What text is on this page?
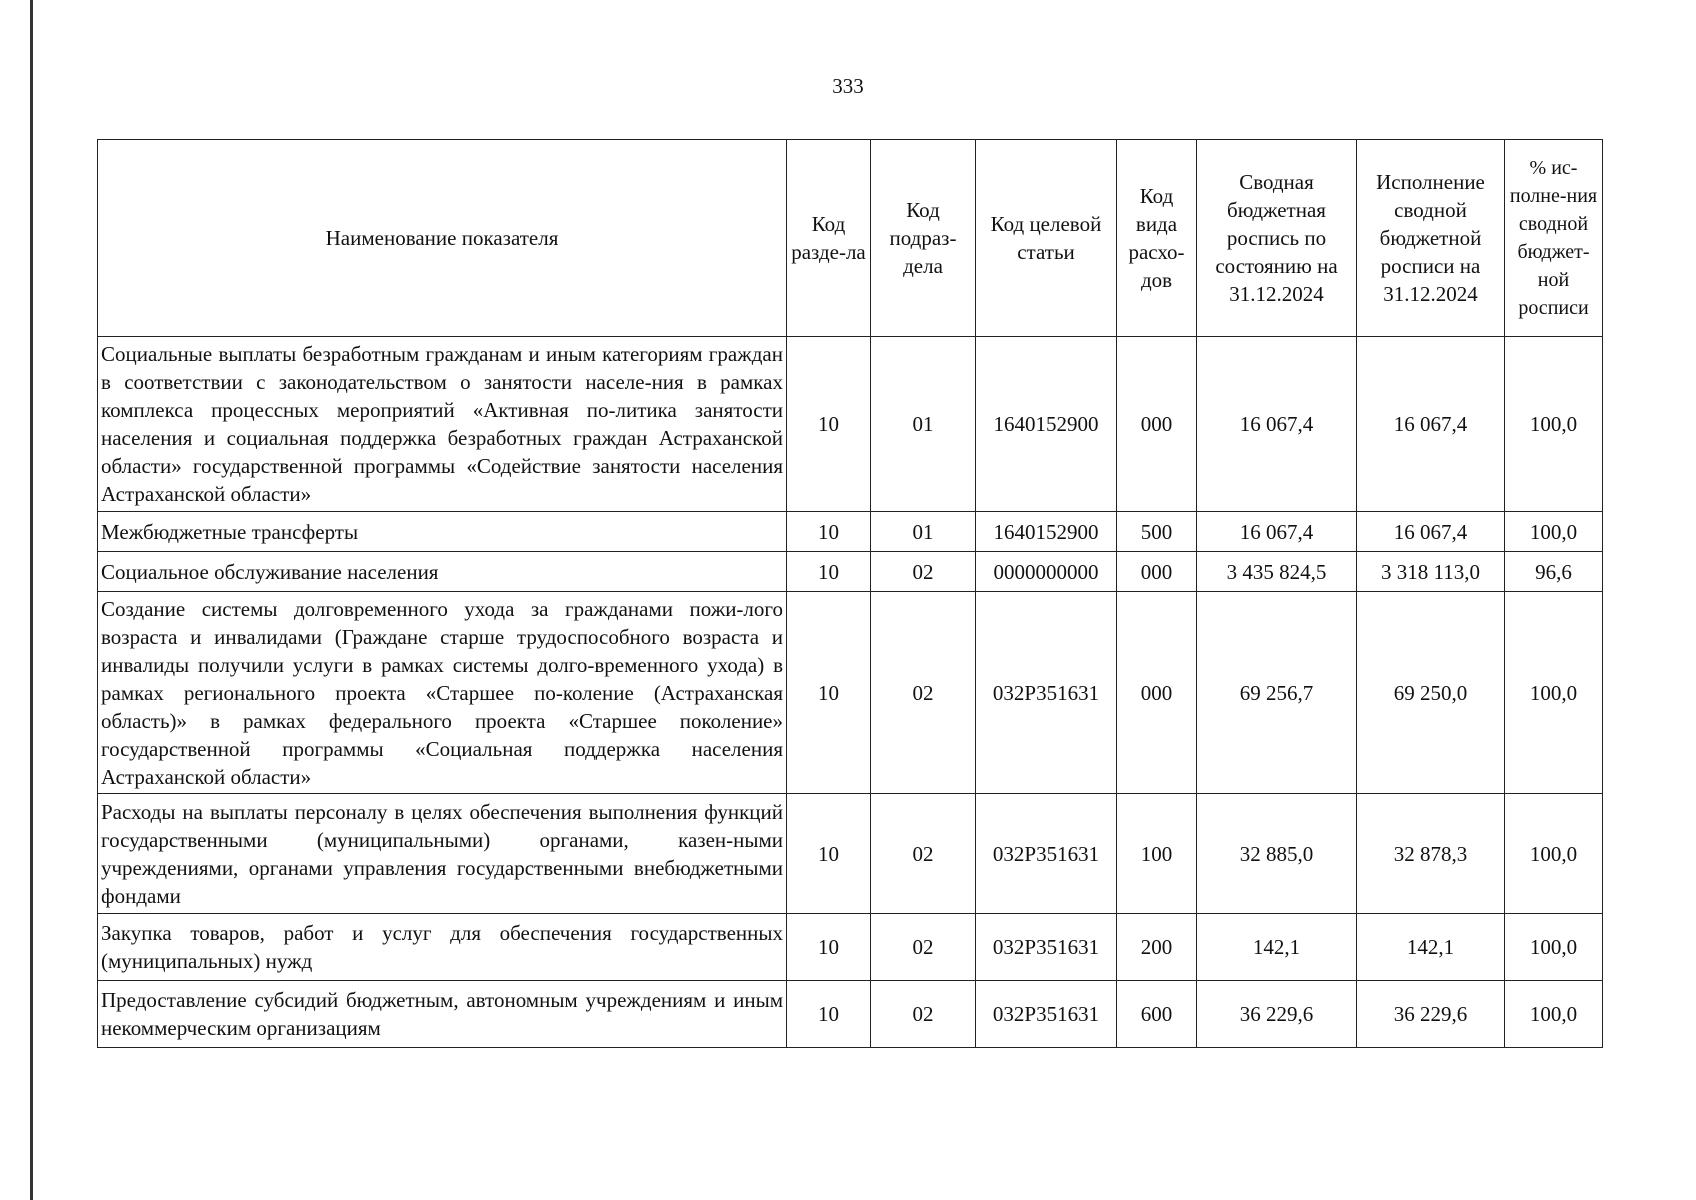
333
Наименование показателя	Код разде-ла	Код подраз-дела	Код целевой статьи	Код вида расхо-дов	Сводная бюджетная роспись по состоянию на 31.12.2024	Исполнение сводной бюджетной росписи на 31.12.2024	% ис-полне-ния сводной бюджет-ной росписи
Социальные выплаты безработным гражданам и иным категориям граждан в соответствии с законодательством о занятости населе-ния в рамках комплекса процессных мероприятий «Активная по-литика занятости населения и социальная поддержка безработных граждан Астраханской области» государственной программы «Содействие занятости населения Астраханской области»	10	01	1640152900	000	16 067,4	16 067,4	100,0
Межбюджетные трансферты	10	01	1640152900	500	16 067,4	16 067,4	100,0
Социальное обслуживание населения	10	02	0000000000	000	3 435 824,5	3 318 113,0	96,6
Создание системы долговременного ухода за гражданами пожи-лого возраста и инвалидами (Граждане старше трудоспособного возраста и инвалиды получили услуги в рамках системы долго-временного ухода) в рамках регионального проекта «Старшее по-коление (Астраханская область)» в рамках федерального проекта «Старшее поколение» государственной программы «Социальная поддержка населения Астраханской области»	10	02	032Р351631	000	69 256,7	69 250,0	100,0
Расходы на выплаты персоналу в целях обеспечения выполнения функций государственными (муниципальными) органами, казен-ными учреждениями, органами управления государственными внебюджетными фондами	10	02	032Р351631	100	32 885,0	32 878,3	100,0
Закупка товаров, работ и услуг для обеспечения государственных (муниципальных) нужд	10	02	032Р351631	200	142,1	142,1	100,0
Предоставление субсидий бюджетным, автономным учреждениям и иным некоммерческим организациям	10	02	032Р351631	600	36 229,6	36 229,6	100,0
